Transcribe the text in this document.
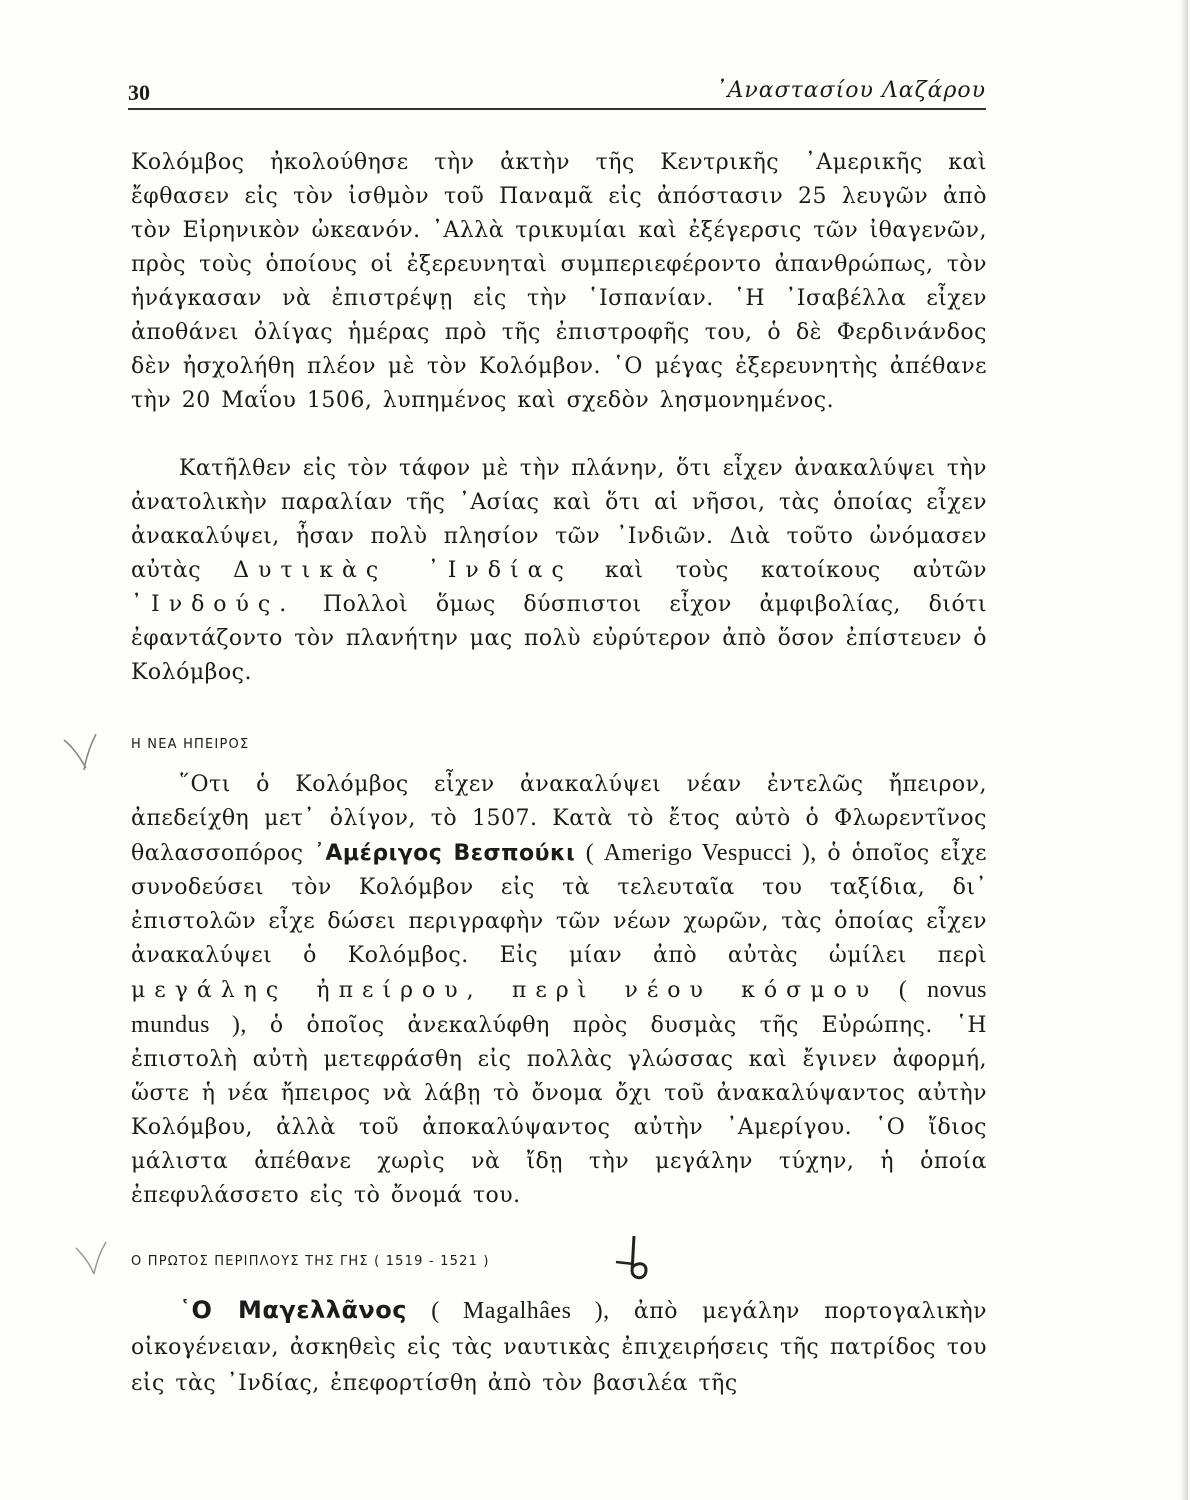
30	᾽Αναστασίου Λαζάρου

Κολόμβος ἠκολούθησε τὴν ἀκτὴν τῆς Κεντρικῆς ᾽Αμερικῆς καὶ ἔφθασεν εἰς τὸν ἰσθμὸν τοῦ Παναμᾶ εἰς ἀπόστασιν 25 λευγῶν ἀπὸ τὸν Εἰρηνικὸν ὠκεανόν. ᾽Αλλὰ τρικυμίαι καὶ ἐξέγερσις τῶν ἰθαγενῶν, πρὸς τοὺς ὁποίους οἱ ἐξερευνηταὶ συμπεριεφέροντο ἀπανθρώπως, τὸν ἠνάγκασαν νὰ ἐπιστρέψῃ εἰς τὴν ῾Ισπανίαν. ῾Η ᾽Ισαβέλλα εἶχεν ἀποθάνει ὀλίγας ἡμέρας πρὸ τῆς ἐπιστροφῆς του, ὁ δὲ Φερδινάνδος δὲν ἠσχολήθη πλέον μὲ τὸν Κολόμβον. ῾Ο μέγας ἐξερευνητὴς ἀπέθανε τὴν 20 Μαΐου 1506, λυπημένος καὶ σχεδὸν λησμονημένος.

Κατῆλθεν εἰς τὸν τάφον μὲ τὴν πλάνην, ὅτι εἶχεν ἀνακαλύψει τὴν ἀνατολικὴν παραλίαν τῆς ᾽Ασίας καὶ ὅτι αἱ νῆσοι, τὰς ὁποίας εἶχεν ἀνακαλύψει, ἦσαν πολὺ πλησίον τῶν ᾽Ινδιῶν. Διὰ τοῦτο ὠνόμασεν αὐτὰς Δυτικὰς ᾽Ινδίας καὶ τοὺς κατοίκους αὐτῶν ᾽Ινδούς. Πολλοὶ ὅμως δύσπιστοι εἶχον ἀμφιβολίας, διότι ἐφαντάζοντο τὸν πλανήτην μας πολὺ εὐρύτερον ἀπὸ ὅσον ἐπίστευεν ὁ Κολόμβος.

Η ΝΕΑ ΗΠΕΙΡΟΣ

῞Οτι ὁ Κολόμβος εἶχεν ἀνακαλύψει νέαν ἐντελῶς ἤπειρον, ἀπεδείχθη μετ᾽ ὀλίγον, τὸ 1507. Κατὰ τὸ ἔτος αὐτὸ ὁ Φλωρεντῖνος θαλασσοπόρος ᾽Αμέριγος Βεσπούκι ( Amerigo Vespucci ), ὁ ὁποῖος εἶχε συνοδεύσει τὸν Κολόμβον εἰς τὰ τελευταῖα του ταξίδια, δι᾽ ἐπιστολῶν εἶχε δώσει περιγραφὴν τῶν νέων χωρῶν, τὰς ὁποίας εἶχεν ἀνακαλύψει ὁ Κολόμβος. Εἰς μίαν ἀπὸ αὐτὰς ὡμίλει περὶ μεγάλης ἠπείρου, περὶ νέου κόσμου ( novus mundus ), ὁ ὁποῖος ἀνεκαλύφθη πρὸς δυσμὰς τῆς Εὐρώπης. ῾Η ἐπιστολὴ αὐτὴ μετεφράσθη εἰς πολλὰς γλώσσας καὶ ἔγινεν ἀφορμή, ὥστε ἡ νέα ἤπειρος νὰ λάβῃ τὸ ὄνομα ὄχι τοῦ ἀνακαλύψαντος αὐτὴν Κολόμβου, ἀλλὰ τοῦ ἀποκαλύψαντος αὐτὴν ᾽Αμερίγου. ῾Ο ἴδιος μάλιστα ἀπέθανε χωρὶς νὰ ἴδῃ τὴν μεγάλην τύχην, ἡ ὁποία ἐπεφυλάσσετο εἰς τὸ ὄνομά του.

Ο ΠΡΩΤΟΣ ΠΕΡΙΠΛΟΥΣ ΤΗΣ ΓΗΣ ( 1519 - 1521 )

῾Ο Μαγελλᾶνος ( Magalhâes ), ἀπὸ μεγάλην πορτογαλικὴν οἰκογένειαν, ἀσκηθεὶς εἰς τὰς ναυτικὰς ἐπιχειρήσεις τῆς πατρίδος του εἰς τὰς ᾽Ινδίας, ἐπεφορτίσθη ἀπὸ τὸν βασιλέα τῆς
